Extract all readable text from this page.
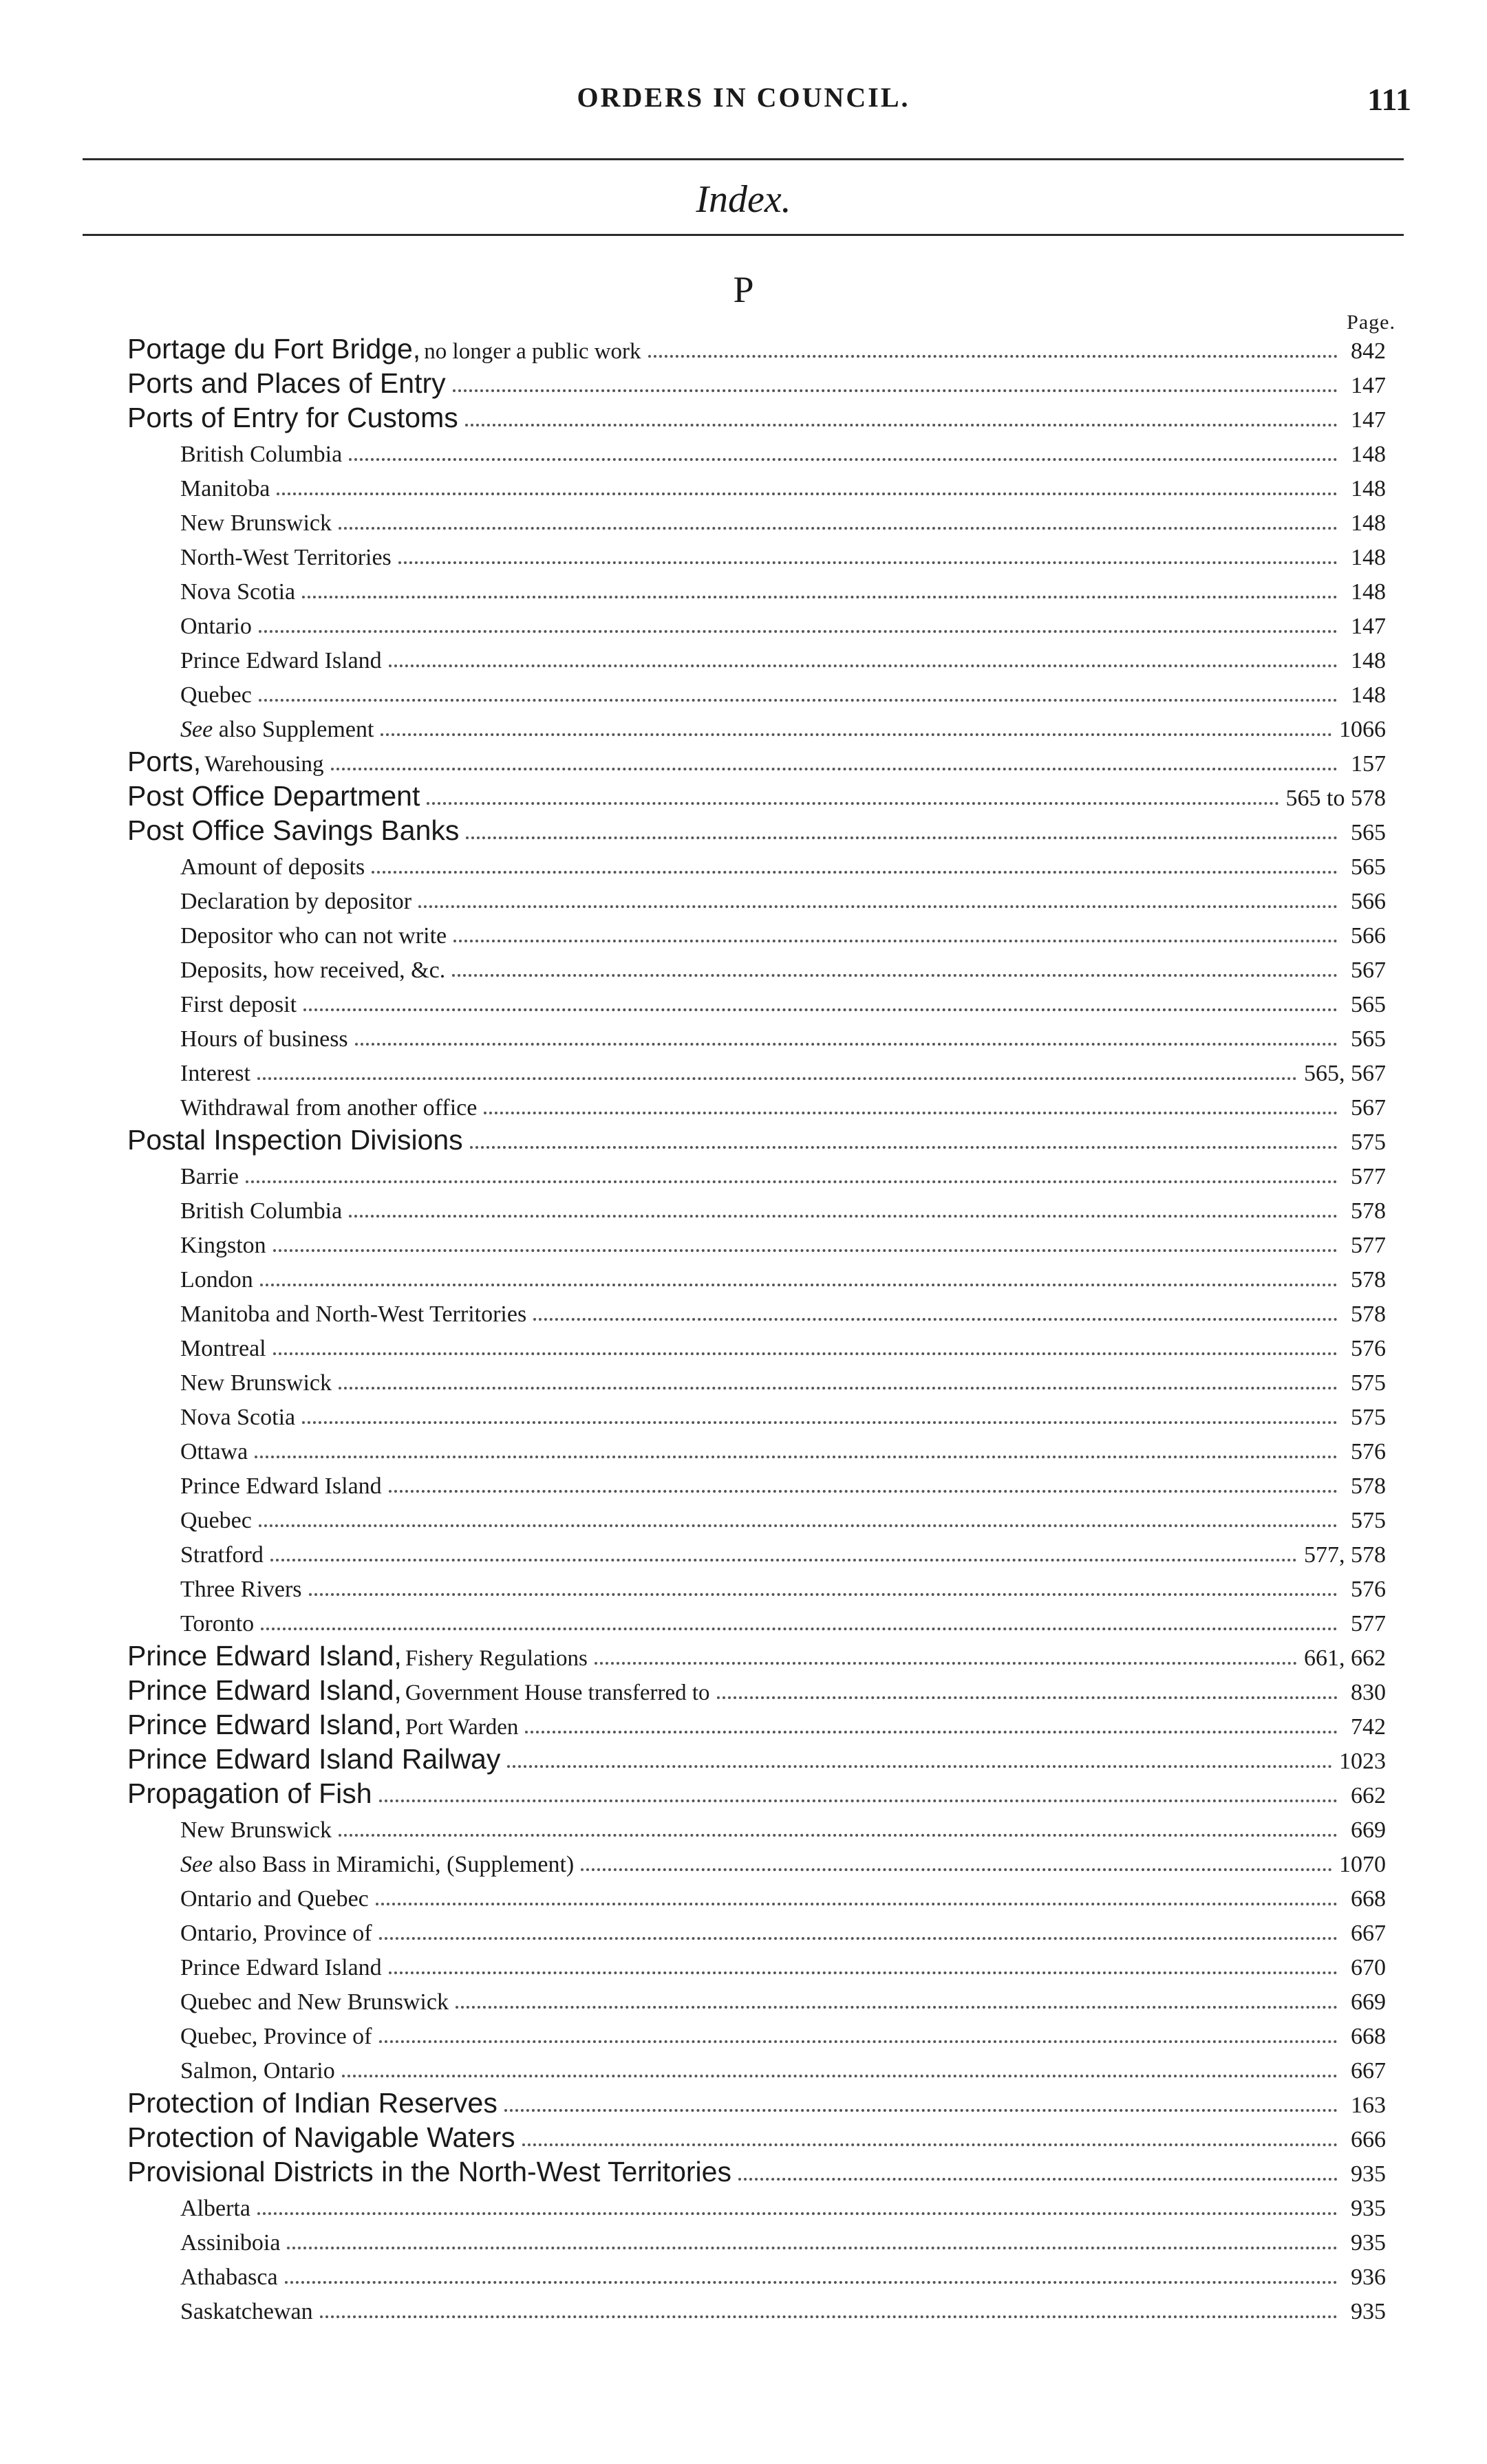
ORDERS IN COUNCIL.	111
Index.
P
Page.
Portage du Fort Bridge, no longer a public work	842
Ports and Places of Entry	147
Ports of Entry for Customs	147
British Columbia	148
Manitoba	148
New Brunswick	148
North-West Territories	148
Nova Scotia	148
Ontario	147
Prince Edward Island	148
Quebec	148
See also Supplement	1066
Ports, Warehousing	157
Post Office Department	565 to 578
Post Office Savings Banks	565
Amount of deposits	565
Declaration by depositor	566
Depositor who can not write	566
Deposits, how received, &c.	567
First deposit	565
Hours of business	565
Interest	565, 567
Withdrawal from another office	567
Postal Inspection Divisions	575
Barrie	577
British Columbia	578
Kingston	577
London	578
Manitoba and North-West Territories	578
Montreal	576
New Brunswick	575
Nova Scotia	575
Ottawa	576
Prince Edward Island	578
Quebec	575
Stratford	577, 578
Three Rivers	576
Toronto	577
Prince Edward Island, Fishery Regulations	661, 662
Prince Edward Island, Government House transferred to	830
Prince Edward Island, Port Warden	742
Prince Edward Island Railway	1023
Propagation of Fish	662
New Brunswick	669
See also Bass in Miramichi, (Supplement)	1070
Ontario and Quebec	668
Ontario, Province of	667
Prince Edward Island	670
Quebec and New Brunswick	669
Quebec, Province of	668
Salmon, Ontario	667
Protection of Indian Reserves	163
Protection of Navigable Waters	666
Provisional Districts in the North-West Territories	935
Alberta	935
Assiniboia	935
Athabasca	936
Saskatchewan	935
